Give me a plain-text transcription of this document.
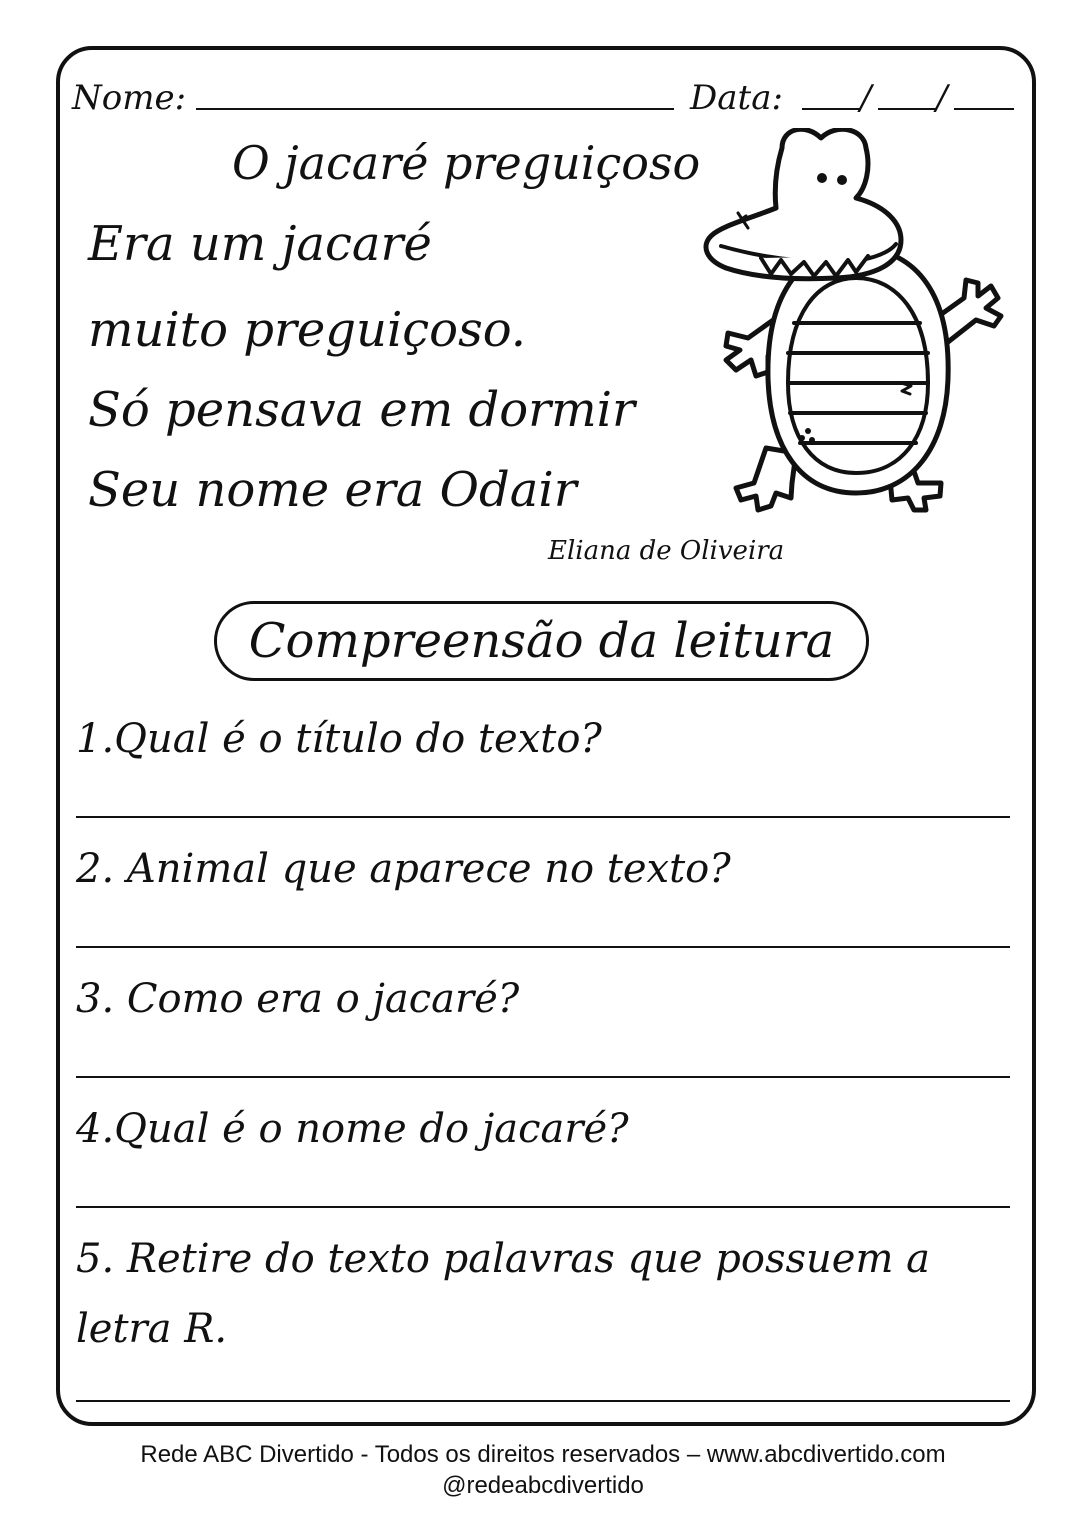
Nome:	Data: / /
O jacaré preguiçoso
Era um jacaré
muito preguiçoso.
Só pensava em dormir
Seu nome era Odair
Eliana de Oliveira
Compreensão da leitura
1.Qual é o título do texto?
2. Animal que aparece no texto?
3. Como era o jacaré?
4.Qual é o nome do jacaré?
5. Retire do texto palavras que possuem a
letra R.
Rede ABC Divertido - Todos os direitos reservados – www.abcdivertido.com
@redeabcdivertido
